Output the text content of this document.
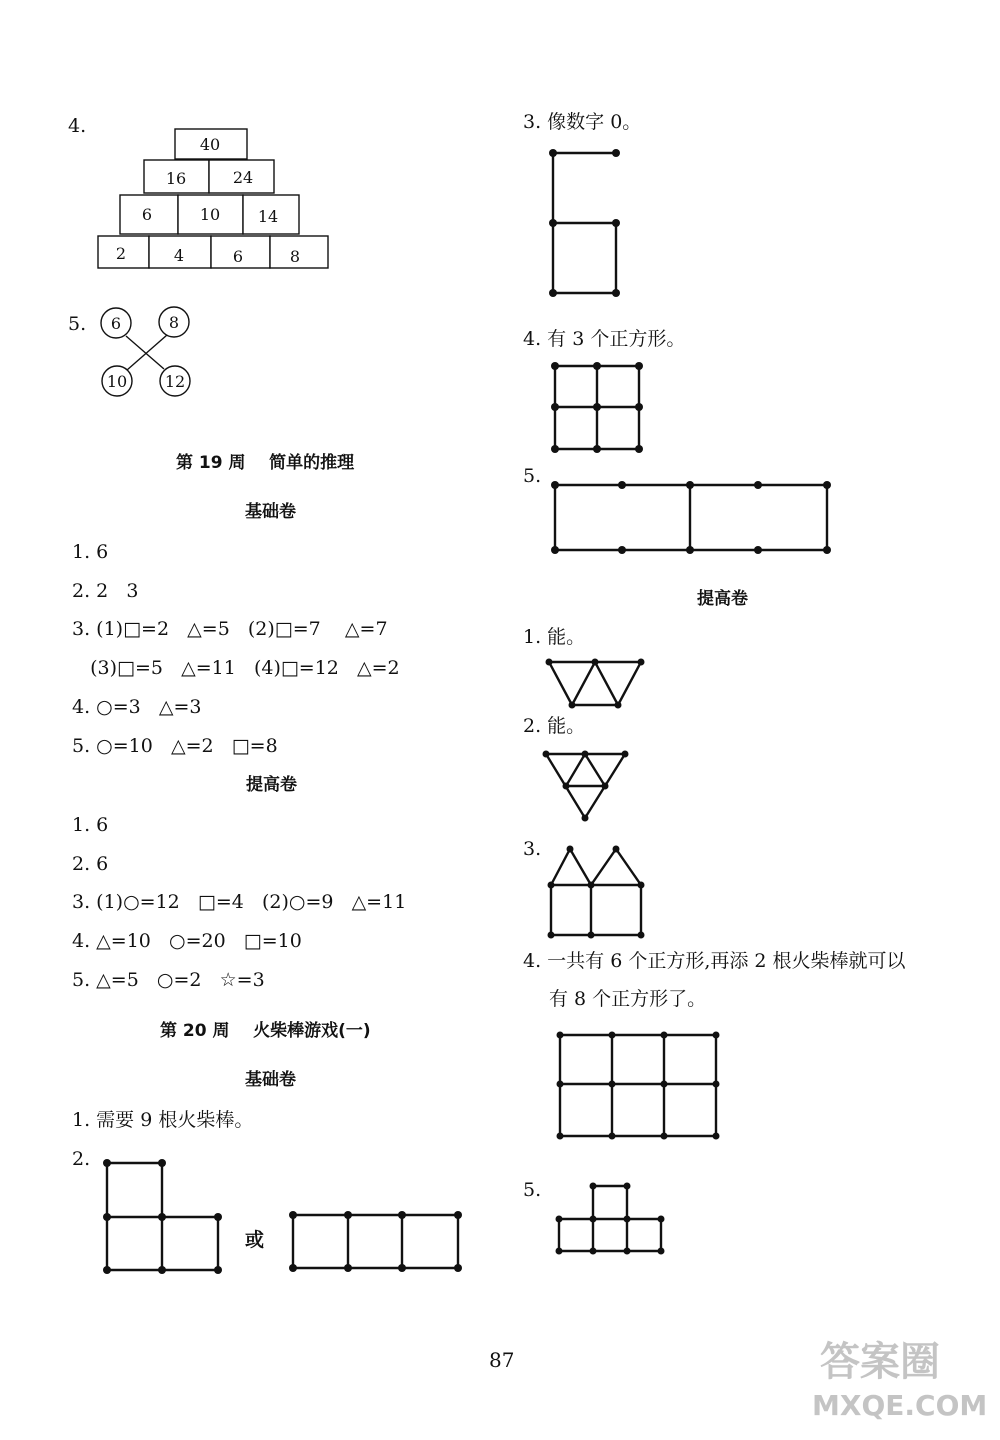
4.
40
16	24
6	10 14
2	4	6	8
5. 6	8
10 12
第 19 周    简单的推理
基础卷
1. 6
2. 2   3
3. (1)□=2   △=5   (2)□=7    △=7
(3)□=5   △=11   (4)□=12   △=2
4. ○=3   △=3
5. ○=10   △=2   □=8
提高卷
1. 6
2. 6
3. (1)○=12   □=4   (2)○=9   △=11
4. △=10   ○=20   □=10
5. △=5   ○=2   ☆=3
第 20 周    火柴棒游戏(一)
基础卷
1. 需要 9 根火柴棒。
2.
或
3. 像数字 0。
4. 有 3 个正方形。
5.
提高卷
1. 能。
2. 能。
3.
4. 一共有 6 个正方形,再添 2 根火柴棒就可以
有 8 个正方形了。
5.
87	答案圈
MXQE.COM
